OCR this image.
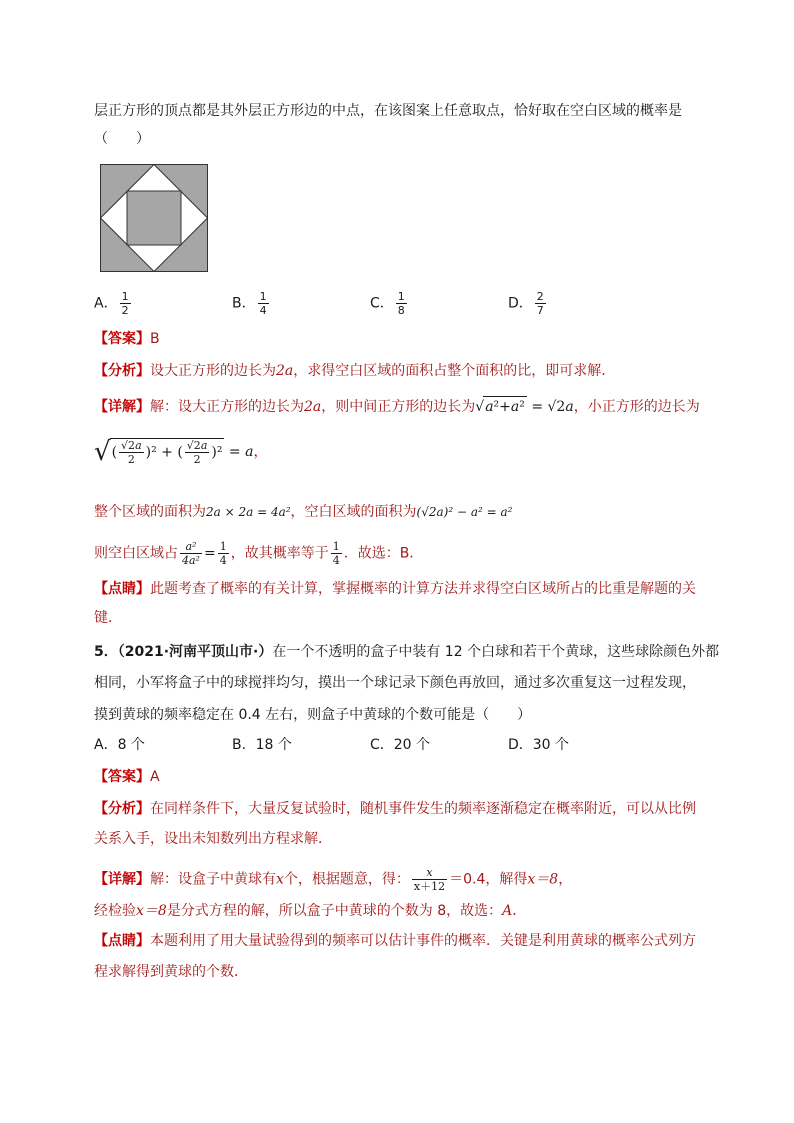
层正方形的顶点都是其外层正方形边的中点，在该图案上任意取点，恰好取在空白区域的概率是
（　　）
A． $\frac{1}{2}$	B． $\frac{1}{4}$	C． $\frac{1}{8}$	D． $\frac{2}{7}$
【答案】B
【分析】设大正方形的边长为2a，求得空白区域的面积占整个面积的比，即可求解．
【详解】解：设大正方形的边长为2a，则中间正方形的边长为√a²+a² = √2a，小正方形的边长为
√( $\frac{√2a}{2} )^2$ + ( $\frac{√2a}{2} )^2 = a$，
整个区域的面积为2a × 2a = 4a²，空白区域的面积为(√2a)² − a² = a²
则空白区域占 $\frac{\text{a²}}{\text{4a²}} = \frac{1}{4}$ ，故其概率等于 $\frac{1}{4}$ ．故选：B．
【点睛】此题考查了概率的有关计算，掌握概率的计算方法并求得空白区域所占的比重是解题的关
键．
5．（2021·河南平顶山市·）在一个不透明的盒子中装有 12 个白球和若干个黄球，这些球除颜色外都
相同，小军将盒子中的球搅拌均匀，摸出一个球记录下颜色再放回，通过多次重复这一过程发现，
摸到黄球的频率稳定在 0.4 左右，则盒子中黄球的个数可能是（　　）
A．8 个	B．18 个	C．20 个	D．30 个
【答案】A
【分析】在同样条件下，大量反复试验时，随机事件发生的频率逐渐稳定在概率附近，可以从比例
关系入手，设出未知数列出方程求解．
【详解】解：设盒子中黄球有x个，根据题意，得： $\frac{x}{x+12} =0.4$，解得x＝8，
经检验x＝8是分式方程的解，所以盒子中黄球的个数为 8，故选：A．
【点睛】本题利用了用大量试验得到的频率可以估计事件的概率．关键是利用黄球的概率公式列方
程求解得到黄球的个数．
